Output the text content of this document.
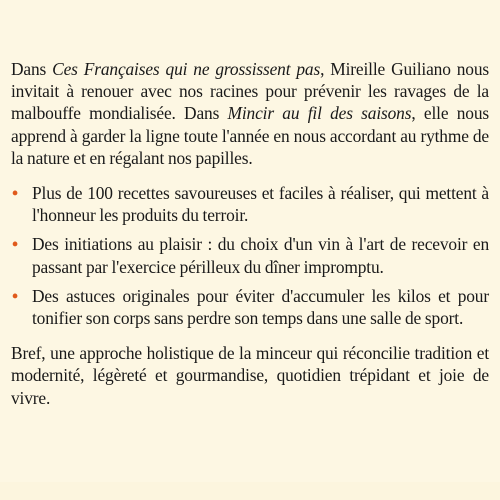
Dans Ces Françaises qui ne grossissent pas, Mireille Guiliano nous invitait à renouer avec nos racines pour prévenir les ravages de la malbouffe mondialisée. Dans Mincir au fil des saisons, elle nous apprend à garder la ligne toute l'année en nous accordant au rythme de la nature et en régalant nos papilles.

• Plus de 100 recettes savoureuses et faciles à réaliser, qui mettent à l'honneur les produits du terroir.
• Des initiations au plaisir : du choix d'un vin à l'art de recevoir en passant par l'exercice périlleux du dîner impromptu.
• Des astuces originales pour éviter d'accumuler les kilos et pour tonifier son corps sans perdre son temps dans une salle de sport.

Bref, une approche holistique de la minceur qui réconcilie tradition et modernité, légèreté et gourmandise, quotidien trépidant et joie de vivre.
